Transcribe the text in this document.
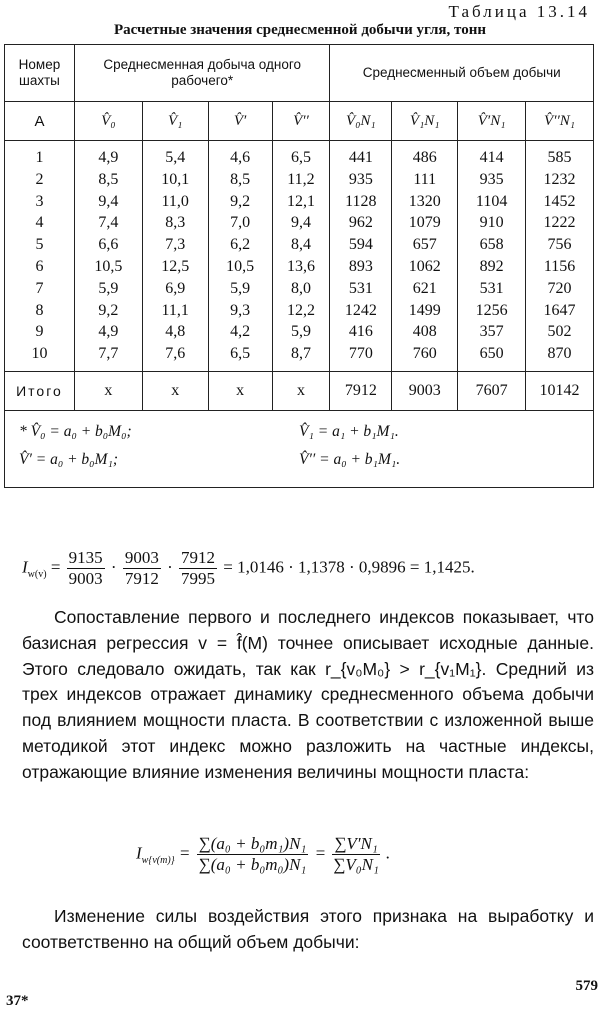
Таблица 13.14
Расчетные значения среднесменной добычи угля, тонн
Номер шахты	Среднесменная добыча одного рабочего*				Среднесменный объем добычи			
A	V̂₀	V̂₁	V̂′	V̂′′	V̂₀N₁	V̂₁N₁	V̂′N₁	V̂′′N₁
1	4,9	5,4	4,6	6,5	441	486	414	585
2	8,5	10,1	8,5	11,2	935	111	935	1232
3	9,4	11,0	9,2	12,1	1128	1320	1104	1452
4	7,4	8,3	7,0	9,4	962	1079	910	1222
5	6,6	7,3	6,2	8,4	594	657	658	756
6	10,5	12,5	10,5	13,6	893	1062	892	1156
7	5,9	6,9	5,9	8,0	531	621	531	720
8	9,2	11,1	9,3	12,2	1242	1499	1256	1647
9	4,9	4,8	4,2	5,9	416	408	357	502
10	7,7	7,6	6,5	8,7	770	760	650	870
Итого	x	x	x	x	7912	9003	7607	10142

* V̂₀ = a₀ + b₀M₀; V̂₁ = a₁ + b₁M₁.
V̂′ = a₀ + b₀M₁; V̂′′ = a₀ + b₁M₁.								
$I_{w(v)} = \frac{9135}{9003} \cdot \frac{9003}{7912} \cdot \frac{7912}{7995} = 1,0146 \cdot 1,1378 \cdot 0,9896 = 1,1425$.
Сопоставление первого и последнего индексов показывает, что базисная регрессия v = f̂(M) точнее описывает исходные данные. Этого следовало ожидать, так как r_{v₀M₀} > r_{v₁M₁}. Средний из трех индексов отражает динамику среднесменного объема добычи под влиянием мощности пласта. В соответствии с изложенной выше методикой этот индекс можно разложить на частные индексы, отражающие влияние изменения величины мощности пласта:
$I_{w\{v(m)\}} = \frac{\text{∑(a₀ + b₀m₁)N₁}}{\text{∑(a₀ + b₀m₀)N₁}} = \frac{\text{∑V′N₁}}{\text{∑V₀N₁}}$ .
Изменение силы воздействия этого признака на выработку и соответственно на общий объем добычи:
579
37*
